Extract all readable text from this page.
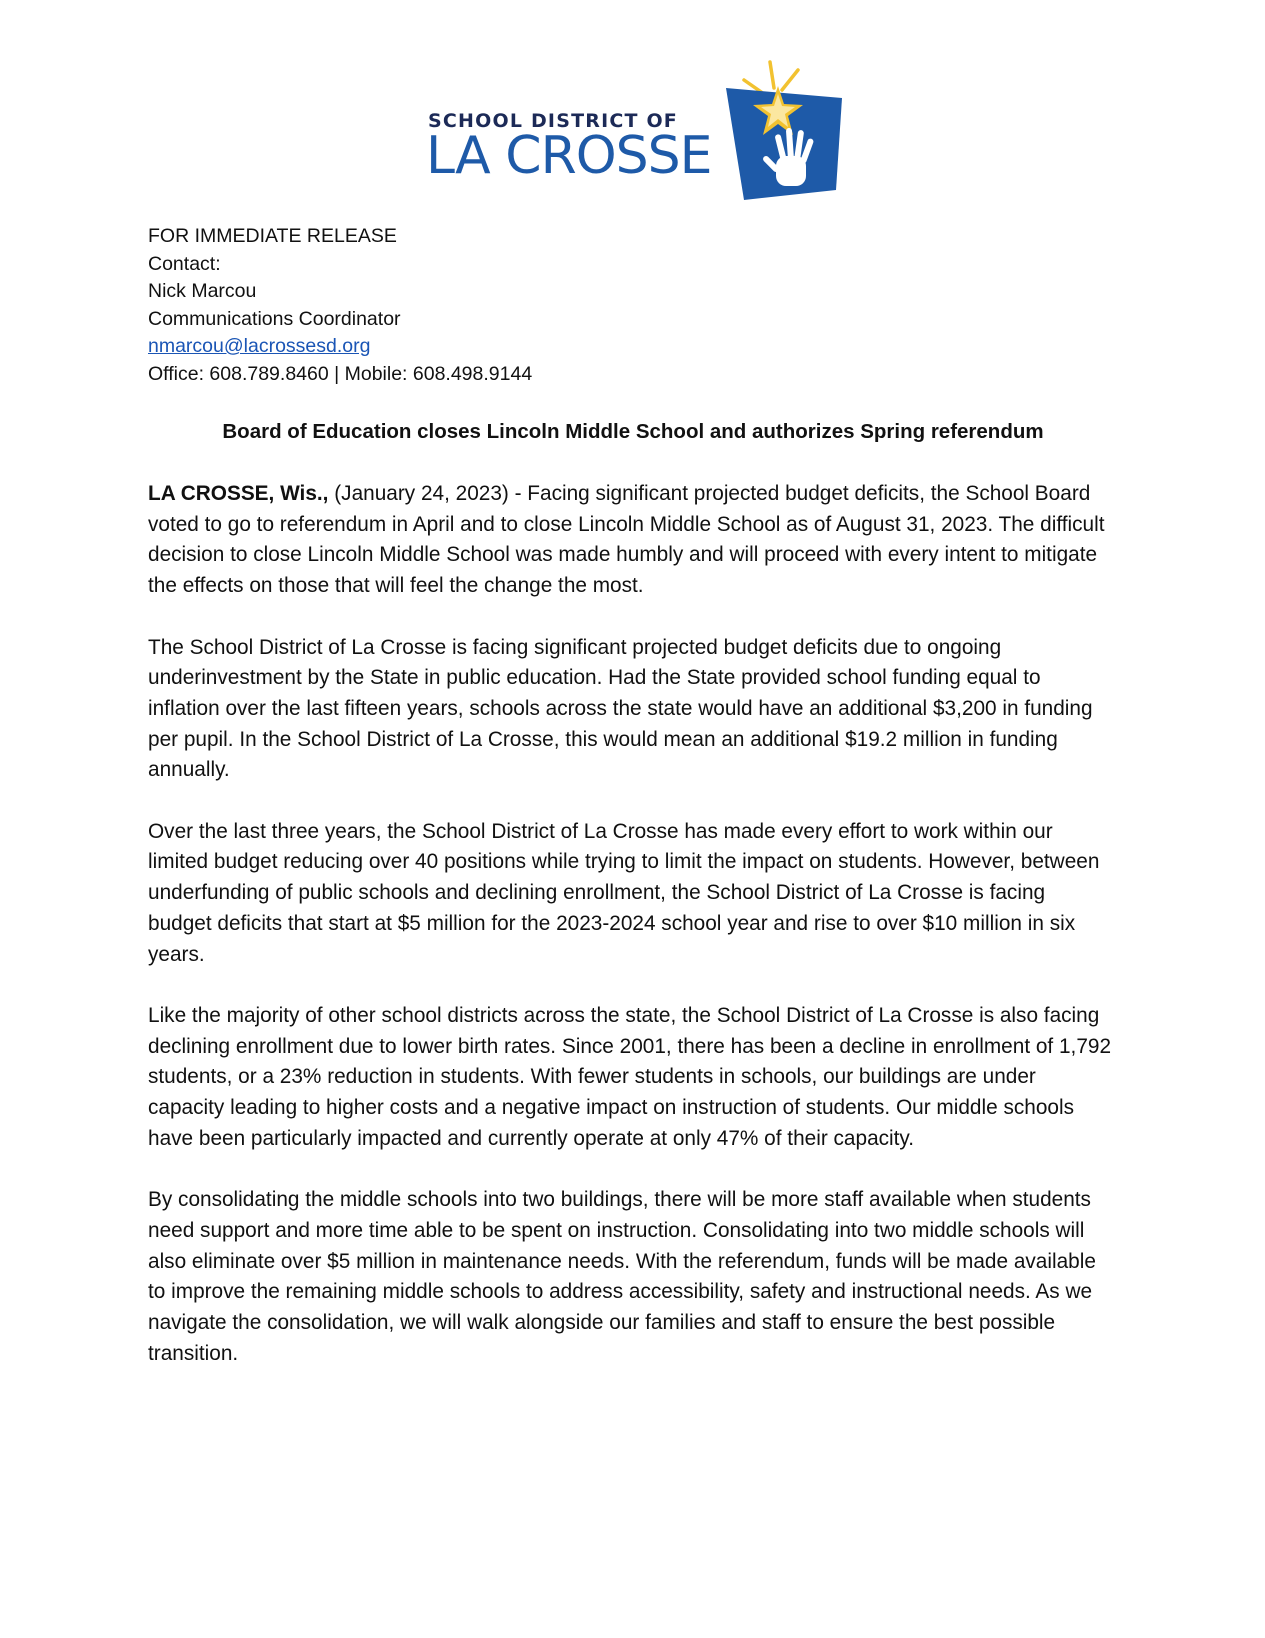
SCHOOL DISTRICT OF
LA CROSSE
FOR IMMEDIATE RELEASE
Contact:
Nick Marcou
Communications Coordinator
nmarcou@lacrossesd.org
Office: 608.789.8460 | Mobile: 608.498.9144
Board of Education closes Lincoln Middle School and authorizes Spring referendum

LA CROSSE, Wis., (January 24, 2023) - Facing significant projected budget deficits, the School Board voted to go to referendum in April and to close Lincoln Middle School as of August 31, 2023. The difficult decision to close Lincoln Middle School was made humbly and will proceed with every intent to mitigate the effects on those that will feel the change the most.

The School District of La Crosse is facing significant projected budget deficits due to ongoing underinvestment by the State in public education. Had the State provided school funding equal to inflation over the last fifteen years, schools across the state would have an additional $3,200 in funding per pupil. In the School District of La Crosse, this would mean an additional $19.2 million in funding annually.

Over the last three years, the School District of La Crosse has made every effort to work within our limited budget reducing over 40 positions while trying to limit the impact on students. However, between underfunding of public schools and declining enrollment, the School District of La Crosse is facing budget deficits that start at $5 million for the 2023-2024 school year and rise to over $10 million in six years.

Like the majority of other school districts across the state, the School District of La Crosse is also facing declining enrollment due to lower birth rates. Since 2001, there has been a decline in enrollment of 1,792 students, or a 23% reduction in students. With fewer students in schools, our buildings are under capacity leading to higher costs and a negative impact on instruction of students. Our middle schools have been particularly impacted and currently operate at only 47% of their capacity.

By consolidating the middle schools into two buildings, there will be more staff available when students need support and more time able to be spent on instruction. Consolidating into two middle schools will also eliminate over $5 million in maintenance needs. With the referendum, funds will be made available to improve the remaining middle schools to address accessibility, safety and instructional needs. As we navigate the consolidation, we will walk alongside our families and staff to ensure the best possible transition.
